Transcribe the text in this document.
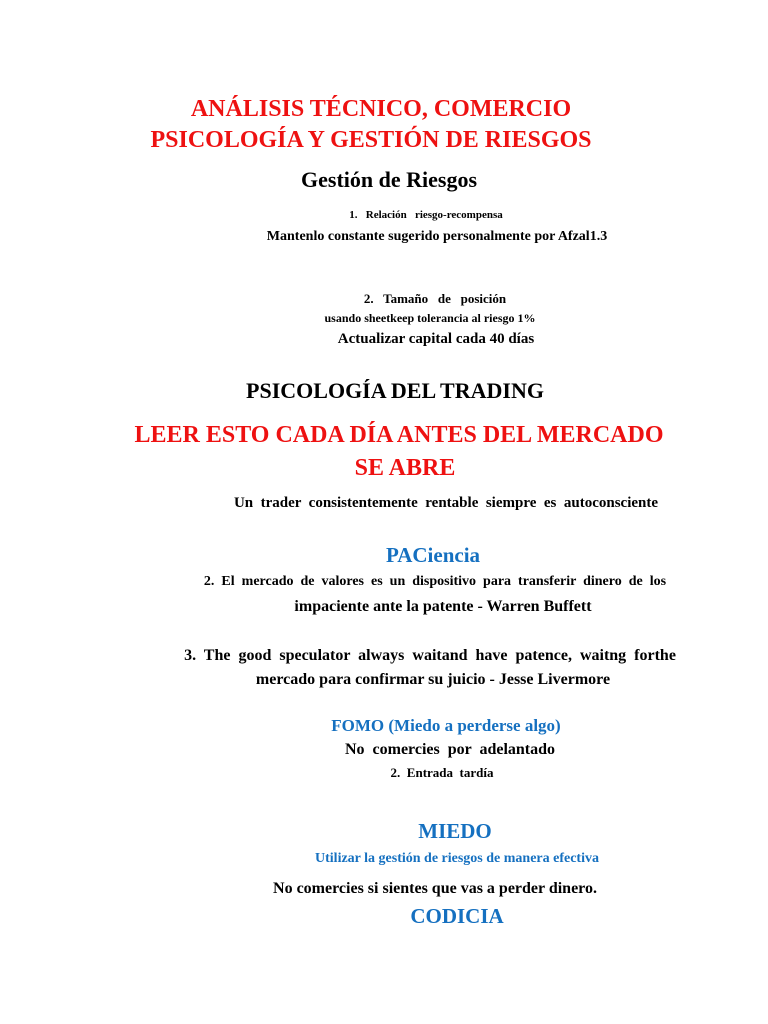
ANÁLISIS TÉCNICO, COMERCIO
PSICOLOGÍA Y GESTIÓN DE RIESGOS
Gestión de Riesgos
1.   Relación   riesgo-recompensa
Mantenlo constante sugerido personalmente por Afzal1.3
2.   Tamaño   de   posición
usando sheetkeep tolerancia al riesgo 1%
Actualizar capital cada 40 días
PSICOLOGÍA DEL TRADING
LEER ESTO CADA DÍA ANTES DEL MERCADO
SE ABRE
Un  trader  consistentemente  rentable  siempre  es  autoconsciente
PACiencia
2.  El  mercado  de  valores  es  un  dispositivo  para  transferir  dinero  de  los
impaciente ante la patente - Warren Buffett
3.  The  good  speculator  always  waitand  have  patence,  waitng  forthe
mercado para confirmar su juicio - Jesse Livermore
FOMO (Miedo a perderse algo)
No  comercies  por  adelantado
2.  Entrada  tardía
MIEDO
Utilizar la gestión de riesgos de manera efectiva
No comercies si sientes que vas a perder dinero.
CODICIA
